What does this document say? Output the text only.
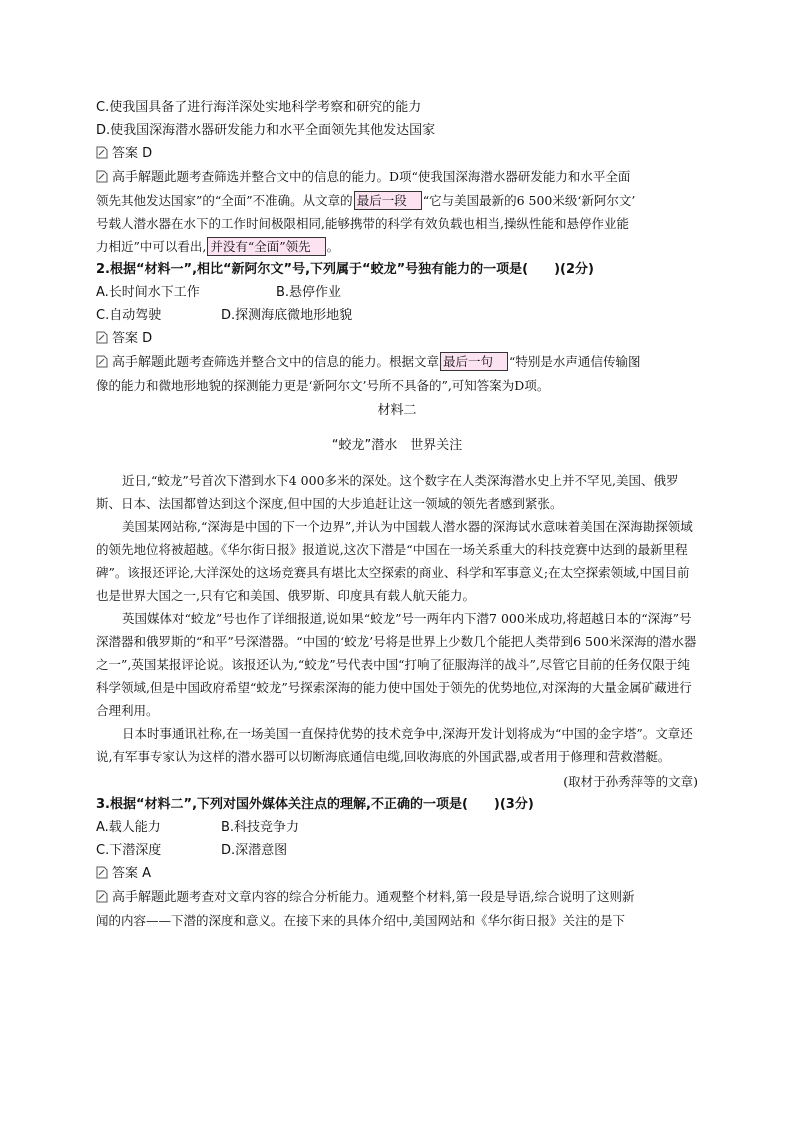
C.使我国具备了进行海洋深处实地科学考察和研究的能力
D.使我国深海潜水器研发能力和水平全面领先其他发达国家
答案 D
高手解题此题考查筛选并整合文中的信息的能力。D项“使我国深海潜水器研发能力和水平全面
领先其他发达国家”的“全面”不准确。从文章的 最后一段 “它与美国最新的6 500米级‘新阿尔文’
号载人潜水器在水下的工作时间极限相同,能够携带的科学有效负载也相当,操纵性能和悬停作业能
力相近”中可以看出, 并没有“全面”领先 。
2.根据“材料一”,相比“新阿尔文”号,下列属于“蛟龙”号独有能力的一项是(　　)(2分)
A.长时间水下工作	B.悬停作业
C.自动驾驶	D.探测海底微地形地貌
答案 D
高手解题此题考查筛选并整合文中的信息的能力。根据文章 最后一句 “特别是水声通信传输图
像的能力和微地形地貌的探测能力更是‘新阿尔文’号所不具备的”,可知答案为D项。
材料二
“蛟龙”潜水　世界关注

近日,“蛟龙”号首次下潜到水下4 000多米的深处。这个数字在人类深海潜水史上并不罕见,美国、俄罗斯、日本、法国都曾达到这个深度,但中国的大步追赶让这一领域的领先者感到紧张。

美国某网站称,“深海是中国的下一个边界”,并认为中国载人潜水器的深海试水意味着美国在深海勘探领域的领先地位将被超越。《华尔街日报》报道说,这次下潜是“中国在一场关系重大的科技竞赛中达到的最新里程碑”。该报还评论,大洋深处的这场竞赛具有堪比太空探索的商业、科学和军事意义;在太空探索领域,中国目前也是世界大国之一,只有它和美国、俄罗斯、印度具有载人航天能力。

英国媒体对“蛟龙”号也作了详细报道,说如果“蛟龙”号一两年内下潜7 000米成功,将超越日本的“深海”号深潜器和俄罗斯的“和平”号深潜器。“中国的‘蛟龙’号将是世界上少数几个能把人类带到6 500米深海的潜水器之一”,英国某报评论说。该报还认为,“蛟龙”号代表中国“打响了征服海洋的战斗”,尽管它目前的任务仅限于纯科学领域,但是中国政府希望“蛟龙”号探索深海的能力使中国处于领先的优势地位,对深海的大量金属矿藏进行合理利用。

日本时事通讯社称,在一场美国一直保持优势的技术竞争中,深海开发计划将成为“中国的金字塔”。文章还说,有军事专家认为这样的潜水器可以切断海底通信电缆,回收海底的外国武器,或者用于修理和营救潜艇。

(取材于孙秀萍等的文章)
3.根据“材料二”,下列对国外媒体关注点的理解,不正确的一项是(　　)(3分)
A.载人能力	B.科技竞争力
C.下潜深度	D.深潜意图
答案 A
高手解题此题考查对文章内容的综合分析能力。通观整个材料,第一段是导语,综合说明了这则新
闻的内容——下潜的深度和意义。在接下来的具体介绍中,美国网站和《华尔街日报》关注的是下
